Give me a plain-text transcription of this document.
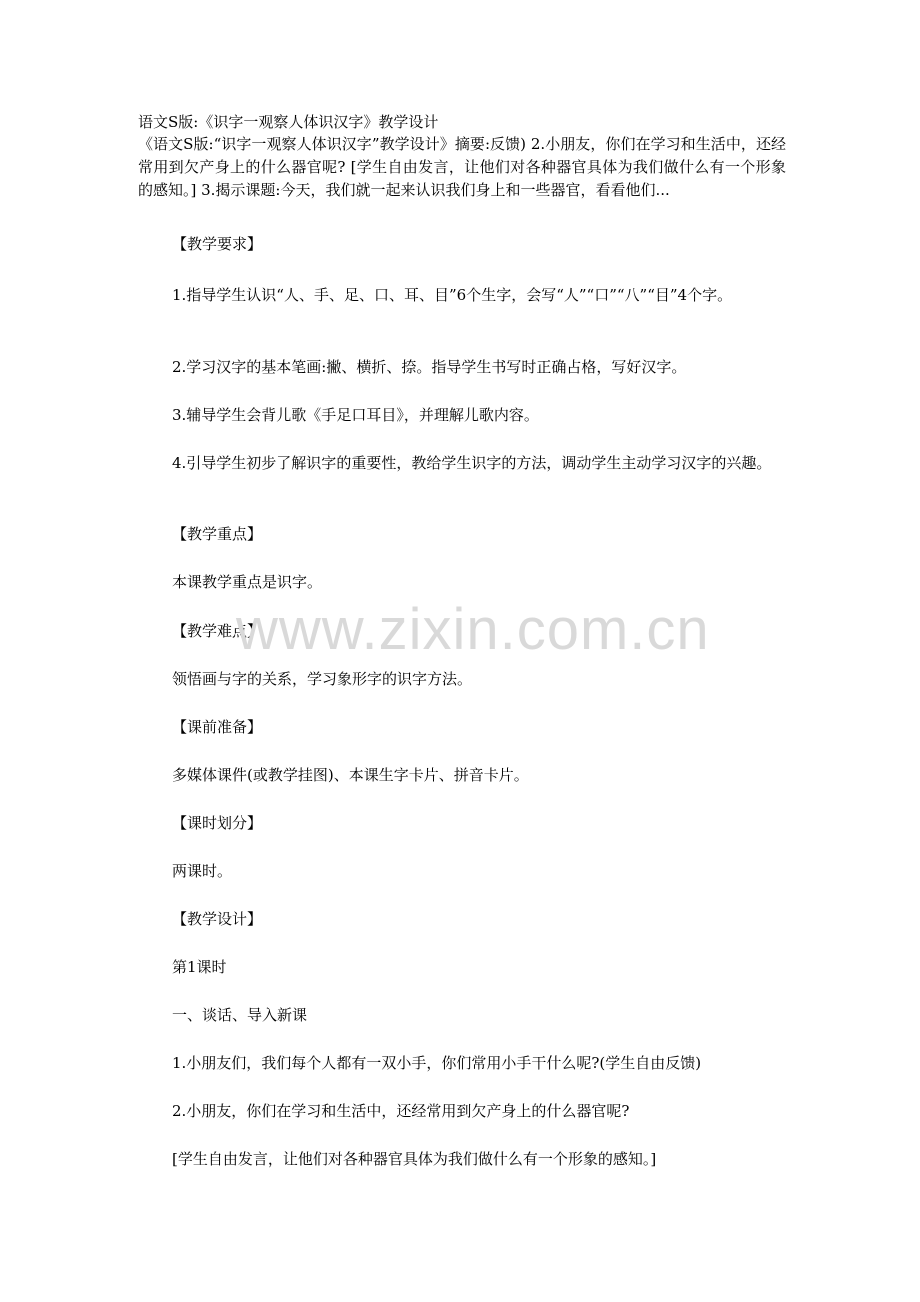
语文S版:《识字一观察人体识汉字》教学设计
《语文S版:“识字一观察人体识汉字”教学设计》摘要:反馈) 2.小朋友，你们在学习和生活中，还经常用到欠产身上的什么器官呢? [学生自由发言，让他们对各种器官具体为我们做什么有一个形象的感知。] 3.揭示课题:今天，我们就一起来认识我们身上和一些器官，看看他们...
【教学要求】
1.指导学生认识“人、手、足、口、耳、目”6个生字，会写“人”“口”“八”“目”4个字。
2.学习汉字的基本笔画:撇、横折、捺。指导学生书写时正确占格，写好汉字。
3.辅导学生会背儿歌《手足口耳目》，并理解儿歌内容。
4.引导学生初步了解识字的重要性，教给学生识字的方法，调动学生主动学习汉字的兴趣。
【教学重点】
本课教学重点是识字。
【教学难点】
领悟画与字的关系，学习象形字的识字方法。
【课前准备】
多媒体课件(或教学挂图)、本课生字卡片、拼音卡片。
【课时划分】
两课时。
【教学设计】
第1课时
一、谈话、导入新课
1.小朋友们，我们每个人都有一双小手，你们常用小手干什么呢?(学生自由反馈)
2.小朋友，你们在学习和生活中，还经常用到欠产身上的什么器官呢?
[学生自由发言，让他们对各种器官具体为我们做什么有一个形象的感知。]
www.zixin.com.cn
